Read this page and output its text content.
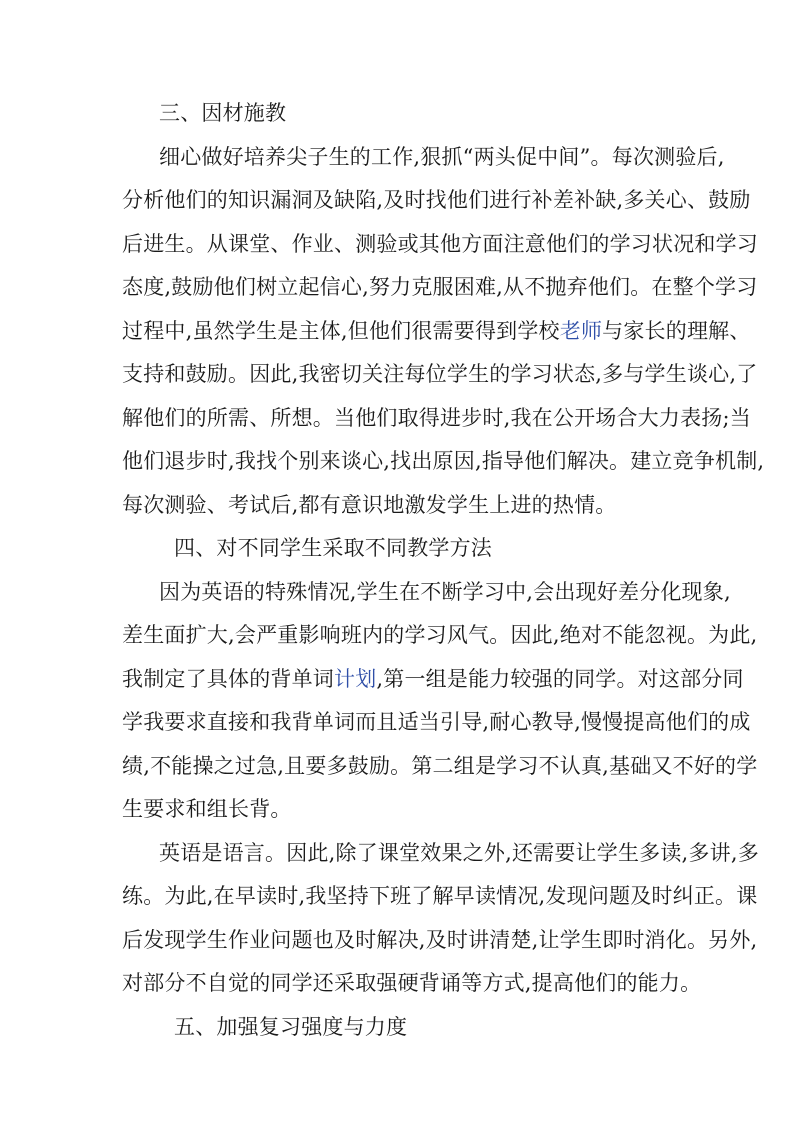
三、因材施教
细心做好培养尖子生的工作,狠抓“两头促中间”。每次测验后,
分析他们的知识漏洞及缺陷,及时找他们进行补差补缺,多关心、鼓励
后进生。从课堂、作业、测验或其他方面注意他们的学习状况和学习
态度,鼓励他们树立起信心,努力克服困难,从不抛弃他们。在整个学习
过程中,虽然学生是主体,但他们很需要得到学校老师与家长的理解、
支持和鼓励。因此,我密切关注每位学生的学习状态,多与学生谈心,了
解他们的所需、所想。当他们取得进步时,我在公开场合大力表扬;当
他们退步时,我找个别来谈心,找出原因,指导他们解决。建立竞争机制,
每次测验、考试后,都有意识地激发学生上进的热情。
四、对不同学生采取不同教学方法
因为英语的特殊情况,学生在不断学习中,会出现好差分化现象,
差生面扩大,会严重影响班内的学习风气。因此,绝对不能忽视。为此,
我制定了具体的背单词计划,第一组是能力较强的同学。对这部分同
学我要求直接和我背单词而且适当引导,耐心教导,慢慢提高他们的成
绩,不能操之过急,且要多鼓励。第二组是学习不认真,基础又不好的学
生要求和组长背。
英语是语言。因此,除了课堂效果之外,还需要让学生多读,多讲,多
练。为此,在早读时,我坚持下班了解早读情况,发现问题及时纠正。课
后发现学生作业问题也及时解决,及时讲清楚,让学生即时消化。另外,
对部分不自觉的同学还采取强硬背诵等方式,提高他们的能力。
五、加强复习强度与力度
